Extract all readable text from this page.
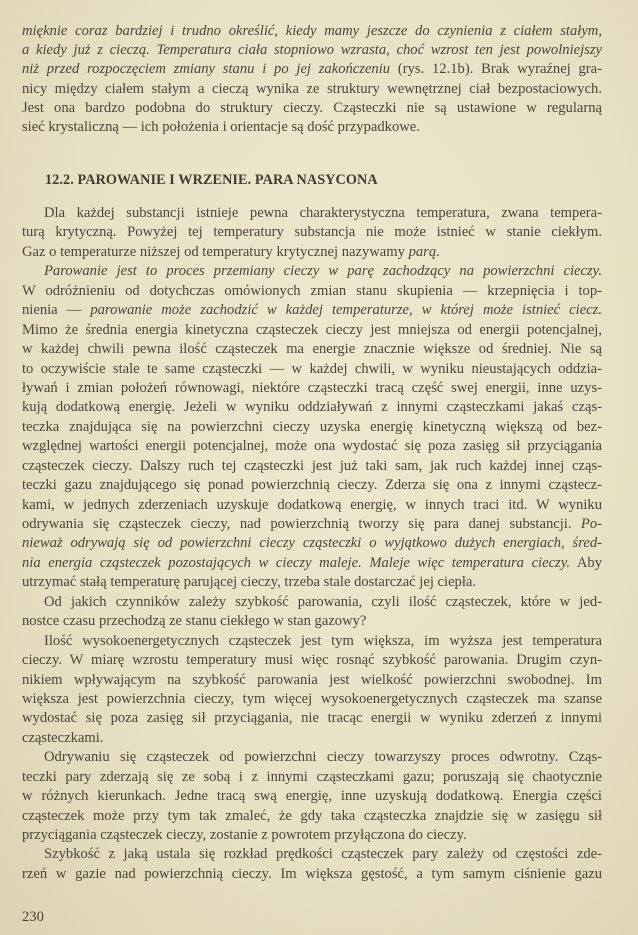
mięknie coraz bardziej i trudno określić, kiedy mamy jeszcze do czynienia z ciałem stałym,
a kiedy już z cieczą. Temperatura ciała stopniowo wzrasta, choć wzrost ten jest powolniejszy
niż przed rozpoczęciem zmiany stanu i po jej zakończeniu (rys. 12.1b). Brak wyraźnej gra-
nicy między ciałem stałym a cieczą wynika ze struktury wewnętrznej ciał bezpostaciowych.
Jest ona bardzo podobna do struktury cieczy. Cząsteczki nie są ustawione w regularną
sieć krystaliczną — ich położenia i orientacje są dość przypadkowe.
12.2. PAROWANIE I WRZENIE. PARA NASYCONA
Dla każdej substancji istnieje pewna charakterystyczna temperatura, zwana tempera-
turą krytyczną. Powyżej tej temperatury substancja nie może istnieć w stanie ciekłym.
Gaz o temperaturze niższej od temperatury krytycznej nazywamy parą.
Parowanie jest to proces przemiany cieczy w parę zachodzący na powierzchni cieczy.
W odróżnieniu od dotychczas omówionych zmian stanu skupienia — krzepnięcia i top-
nienia — parowanie może zachodzić w każdej temperaturze, w której może istnieć ciecz.
Mimo że średnia energia kinetyczna cząsteczek cieczy jest mniejsza od energii potencjalnej,
w każdej chwili pewna ilość cząsteczek ma energie znacznie większe od średniej. Nie są
to oczywiście stale te same cząsteczki — w każdej chwili, w wyniku nieustających oddzia-
ływań i zmian położeń równowagi, niektóre cząsteczki tracą część swej energii, inne uzys-
kują dodatkową energię. Jeżeli w wyniku oddziaływań z innymi cząsteczkami jakaś cząs-
teczka znajdująca się na powierzchni cieczy uzyska energię kinetyczną większą od bez-
względnej wartości energii potencjalnej, może ona wydostać się poza zasięg sił przyciągania
cząsteczek cieczy. Dalszy ruch tej cząsteczki jest już taki sam, jak ruch każdej innej cząs-
teczki gazu znajdującego się ponad powierzchnią cieczy. Zderza się ona z innymi cząstecz-
kami, w jednych zderzeniach uzyskuje dodatkową energię, w innych traci itd. W wyniku
odrywania się cząsteczek cieczy, nad powierzchnią tworzy się para danej substancji. Po-
nieważ odrywają się od powierzchni cieczy cząsteczki o wyjątkowo dużych energiach, śred-
nia energia cząsteczek pozostających w cieczy maleje. Maleje więc temperatura cieczy. Aby
utrzymać stałą temperaturę parującej cieczy, trzeba stale dostarczać jej ciepła.
Od jakich czynników zależy szybkość parowania, czyli ilość cząsteczek, które w jed-
nostce czasu przechodzą ze stanu ciekłego w stan gazowy?
Ilość wysokoenergetycznych cząsteczek jest tym większa, im wyższa jest temperatura
cieczy. W miarę wzrostu temperatury musi więc rosnąć szybkość parowania. Drugim czyn-
nikiem wpływającym na szybkość parowania jest wielkość powierzchni swobodnej. Im
większa jest powierzchnia cieczy, tym więcej wysokoenergetycznych cząsteczek ma szanse
wydostać się poza zasięg sił przyciągania, nie tracąc energii w wyniku zderzeń z innymi
cząsteczkami.
Odrywaniu się cząsteczek od powierzchni cieczy towarzyszy proces odwrotny. Cząs-
teczki pary zderzają się ze sobą i z innymi cząsteczkami gazu; poruszają się chaotycznie
w różnych kierunkach. Jedne tracą swą energię, inne uzyskują dodatkową. Energia części
cząsteczek może przy tym tak zmaleć, że gdy taka cząsteczka znajdzie się w zasięgu sił
przyciągania cząsteczek cieczy, zostanie z powrotem przyłączona do cieczy.
Szybkość z jaką ustala się rozkład prędkości cząsteczek pary zależy od częstości zde-
rzeń w gazie nad powierzchnią cieczy. Im większa gęstość, a tym samym ciśnienie gazu
230
